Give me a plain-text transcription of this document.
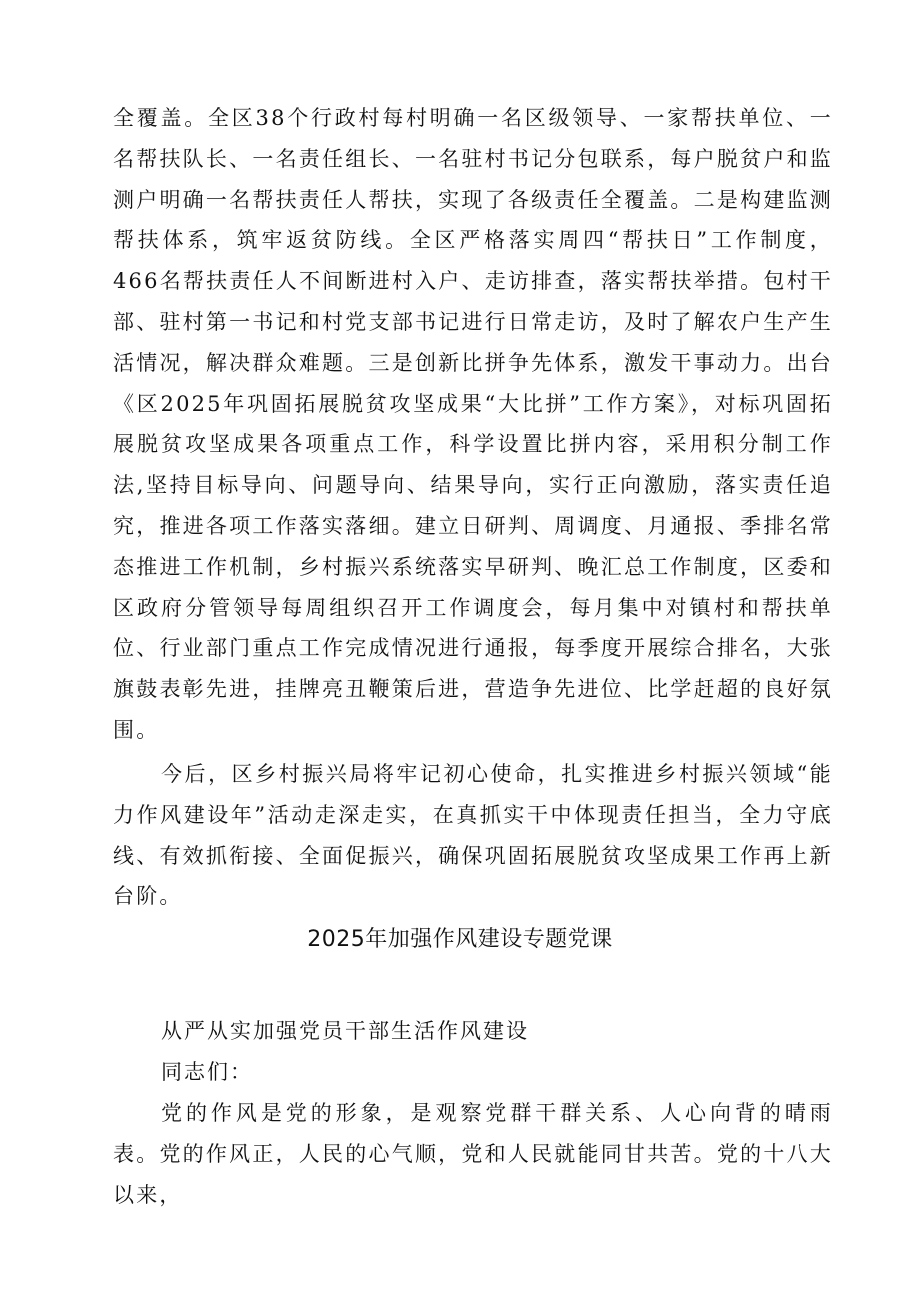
全覆盖。全区38个行政村每村明确一名区级领导、一家帮扶单位、一名帮扶队长、一名责任组长、一名驻村书记分包联系，每户脱贫户和监测户明确一名帮扶责任人帮扶，实现了各级责任全覆盖。二是构建监测帮扶体系，筑牢返贫防线。全区严格落实周四“帮扶日”工作制度，466名帮扶责任人不间断进村入户、走访排查，落实帮扶举措。包村干部、驻村第一书记和村党支部书记进行日常走访，及时了解农户生产生活情况，解决群众难题。三是创新比拼争先体系，激发干事动力。出台《区2025年巩固拓展脱贫攻坚成果“大比拼”工作方案》，对标巩固拓展脱贫攻坚成果各项重点工作，科学设置比拼内容，采用积分制工作法,坚持目标导向、问题导向、结果导向，实行正向激励，落实责任追究，推进各项工作落实落细。建立日研判、周调度、月通报、季排名常态推进工作机制，乡村振兴系统落实早研判、晚汇总工作制度，区委和区政府分管领导每周组织召开工作调度会，每月集中对镇村和帮扶单位、行业部门重点工作完成情况进行通报，每季度开展综合排名，大张旗鼓表彰先进，挂牌亮丑鞭策后进，营造争先进位、比学赶超的良好氛围。

今后，区乡村振兴局将牢记初心使命，扎实推进乡村振兴领域“能力作风建设年”活动走深走实，在真抓实干中体现责任担当，全力守底线、有效抓衔接、全面促振兴，确保巩固拓展脱贫攻坚成果工作再上新台阶。

2025年加强作风建设专题党课

从严从实加强党员干部生活作风建设

同志们：

党的作风是党的形象，是观察党群干群关系、人心向背的晴雨表。党的作风正，人民的心气顺，党和人民就能同甘共苦。党的十八大以来，
